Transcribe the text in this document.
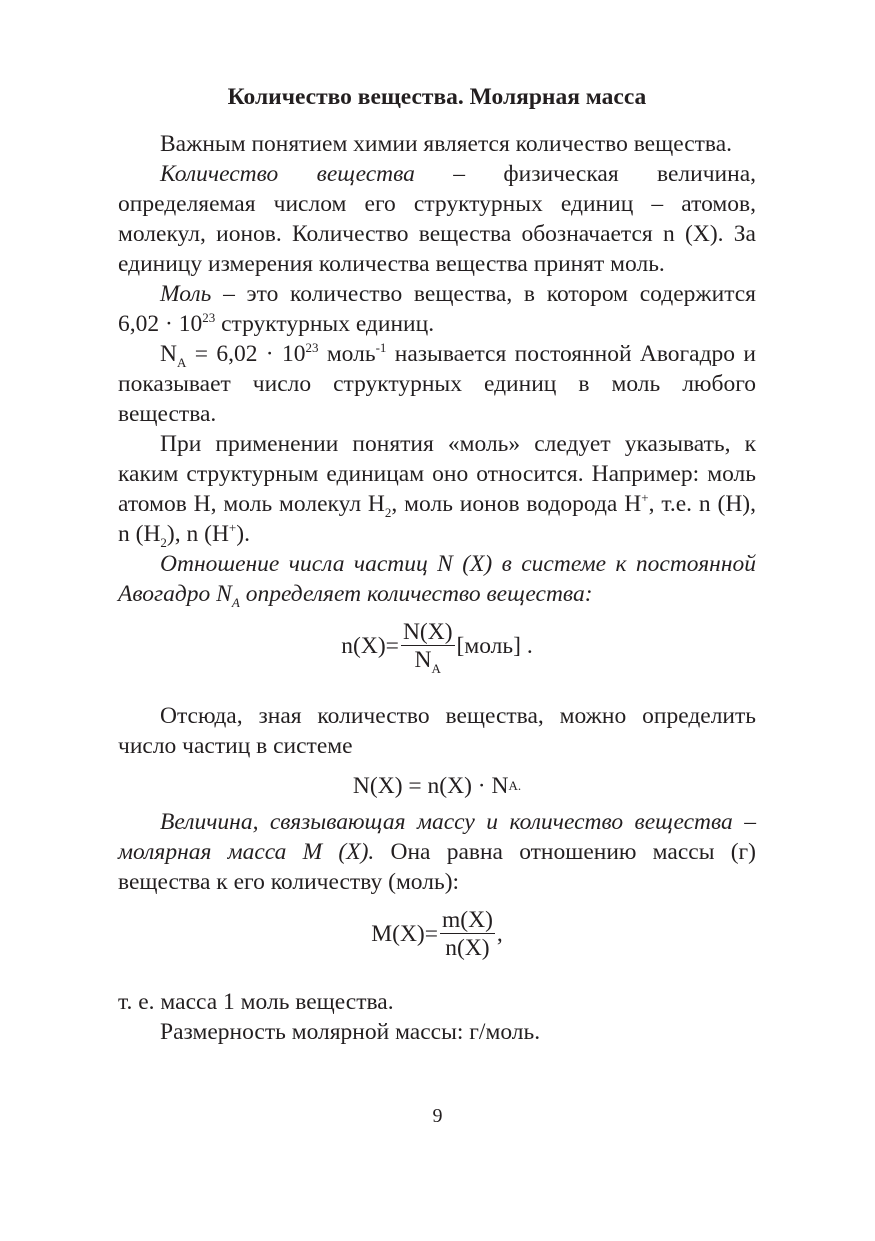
Количество вещества. Молярная масса

Важным понятием химии является количество вещества.

Количество вещества – физическая величина, определяемая числом его структурных единиц – атомов, молекул, ионов. Количество вещества обозначается n (X). За единицу измерения количества вещества принят моль.

Моль – это количество вещества, в котором содержится $6,02 \cdot 10^{23}$ структурных единиц.

$N_A = 6,02 \cdot 10^{23}$ моль$^{-1}$ называется постоянной Авогадро и показывает число структурных единиц в моль любого вещества.

При применении понятия «моль» следует указывать, к каким структурным единицам оно относится. Например: моль атомов H, моль молекул $H_2$, моль ионов водорода H+, т.е. n (H), n $(H_2)$, n (H+).

Отношение числа частиц N (X) в системе к постоянной Авогадро $N_A$ определяет количество вещества:

$n(X)= \frac{N(X)}{N_A}$ [моль] .

Отсюда, зная количество вещества, можно определить число частиц в системе

N(X) = n(X) · N A.

Величина, связывающая массу и количество вещества – молярная масса M (X). Она равна отношению массы (г) вещества к его количеству (моль):

$M(X)= \frac{m(X)}{n(X)}$ ,

т. е. масса 1 моль вещества.

Размерность молярной массы: г/моль.

9
